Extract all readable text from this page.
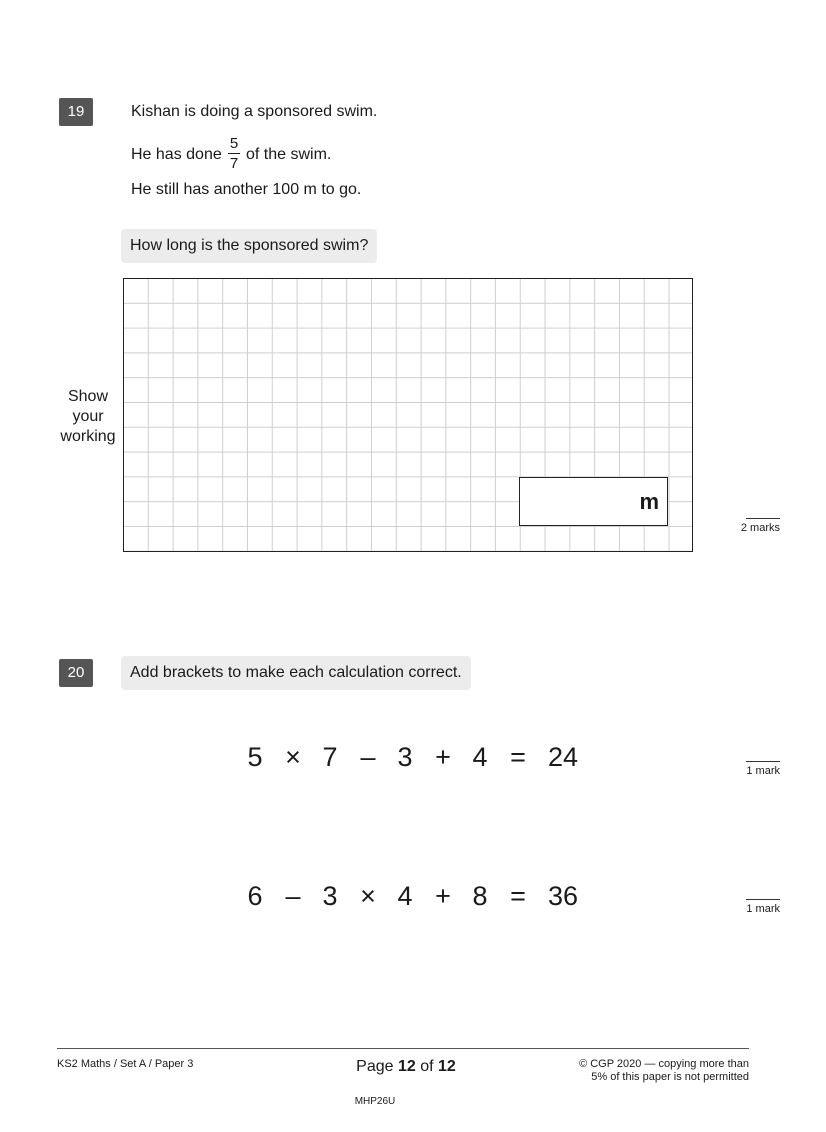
19	Kishan is doing a sponsored swim.
He has done
5
7
of the swim.
He still has another 100 m to go.
How long is the sponsored swim?
Show
your
working
m
2 marks
20	Add brackets to make each calculation correct.
5 × 7 – 3 + 4 = 24	1 mark
6 – 3 × 4 + 8 = 36	1 mark
KS2 Maths / Set A / Paper 3	Page 12 of 12	© CGP 2020 — copying more than
5% of this paper is not permitted
MHP26U
